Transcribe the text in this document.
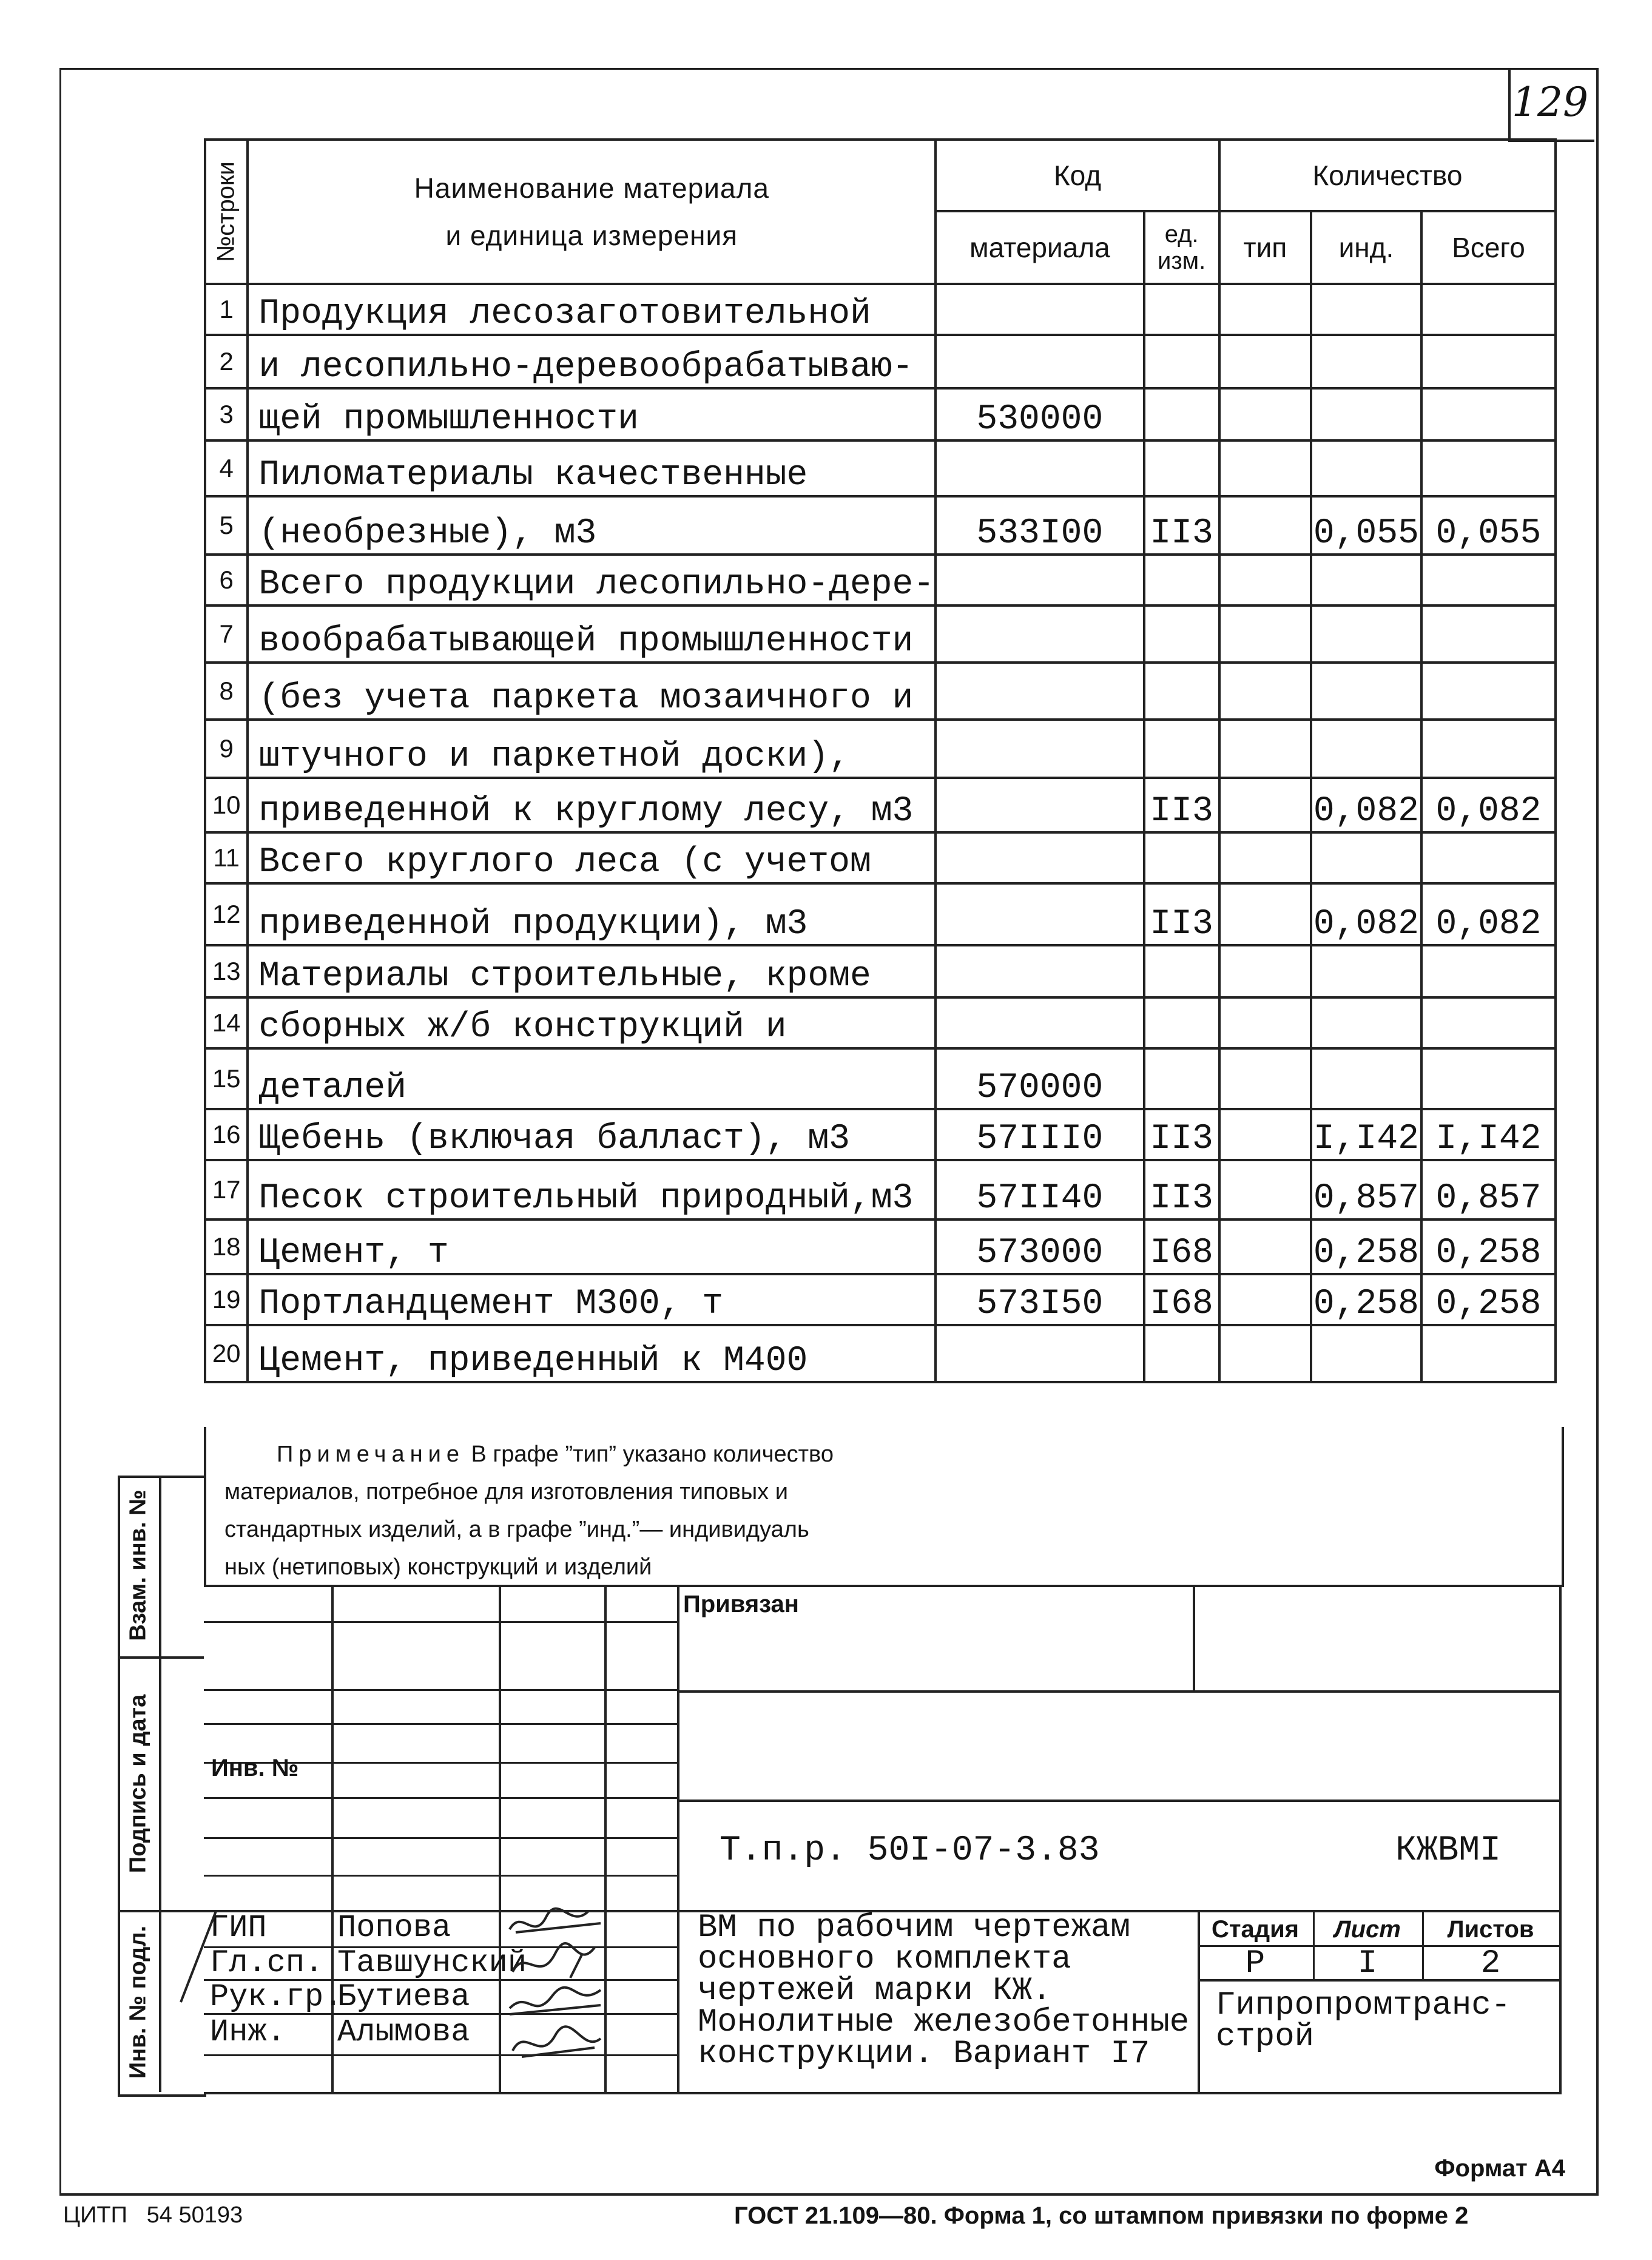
129
№строки	Наименование материала
и единица измерения	Код		Количество		
		материала	ед. изм.	тип	инд.	Всего
1	Продукция лесозаготовительной					
2	и лесопильно-деревообрабатываю-					
3	щей промышленности	530000				
4	Пиломатериалы качественные					
5	(необрезные), м3	533I00	II3		0,055	0,055
6	Всего продукции лесопильно-дере-					
7	вообрабатывающей промышленности					
8	(без учета паркета мозаичного и					
9	штучного и паркетной доски),					
10	приведенной к круглому лесу, м3		II3		0,082	0,082
11	Всего круглого леса (с учетом					
12	приведенной продукции), м3		II3		0,082	0,082
13	Материалы строительные, кроме					
14	сборных ж/б конструкций и					
15	деталей	570000				
16	Щебень (включая балласт), м3	57III0	II3		I,I42	I,I42
17	Песок строительный природный,м3	57II40	II3		0,857	0,857
18	Цемент, т	573000	I68		0,258	0,258
19	Портландцемент М300, т	573I50	I68		0,258	0,258
20	Цемент, приведенный к М400					
Примечание В графе ”тип” указано количество
материалов, потребное для изготовления типовых и
стандартных изделий, а в графе ”инд.”— индивидуаль
ных (нетиповых) конструкций и изделий
Взам. инв. №
Подпись и дата
Инв. № подл.
Инв. №
ГИП Попова
Гл.сп. Тавшунский
Рук.гр.
Бутиева
Инж. Алымова
Привязан
Т.п.р. 50I-07-3.83	КЖВМI
ВМ по рабочим чертежам
основного комплекта
чертежей марки КЖ.
Монолитные железобетонные
конструкции. Вариант I7
Стадия	Лист	Листов
Р	I	2
Гипропромтранс-
строй
Формат А4
ЦИТП   54 50193	ГОСТ 21.109—80. Форма 1, со штампом привязки по форме 2
